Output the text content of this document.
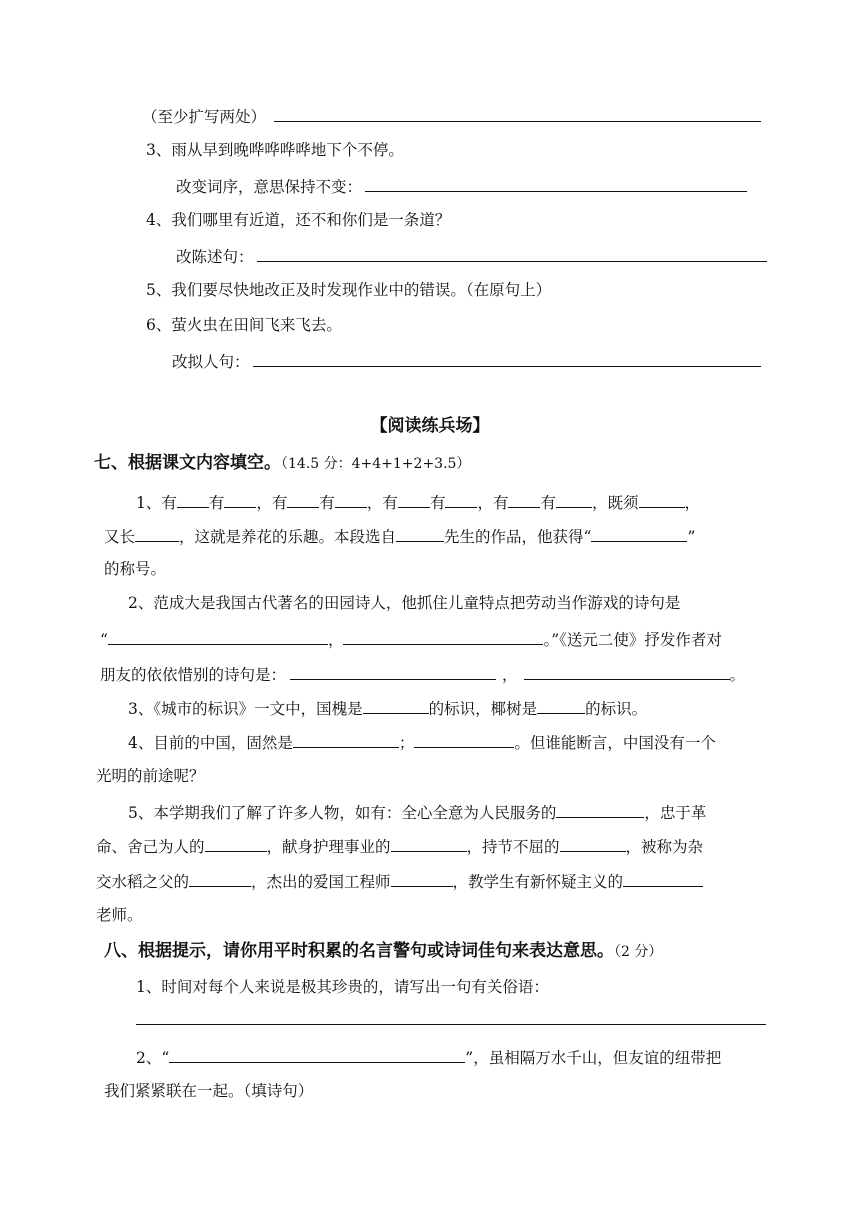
（至少扩写两处）
3、雨从早到晚哗哗哗哗地下个不停。
改变词序，意思保持不变：
4、我们哪里有近道，还不和你们是一条道？
改陈述句：
5、我们要尽快地改正及时发现作业中的错误。（在原句上）
6、萤火虫在田间飞来飞去。
改拟人句：
【阅读练兵场】
七、根据课文内容填空。（14.5 分：4+4+1+2+3.5）
1、有 有 ，有 有 ，有 有 ，有 有 ，既须	，
又长	，这就是养花的乐趣。本段选自	先生的作品，他获得“	”
的称号。
2、范成大是我国古代著名的田园诗人，他抓住儿童特点把劳动当作游戏的诗句是
“	，	。”《送元二使》抒发作者对
朋友的依依惜别的诗句是：	，	。
3、《城市的标识》一文中，国槐是	的标识，椰树是	的标识。
4、目前的中国，固然是	；	。但谁能断言，中国没有一个
光明的前途呢？
5、本学期我们了解了许多人物，如有：全心全意为人民服务的	，忠于革
命、舍己为人的	，献身护理事业的	，持节不屈的	，被称为杂
交水稻之父的	，杰出的爱国工程师	，教学生有新怀疑主义的
老师。
八、根据提示，请你用平时积累的名言警句或诗词佳句来表达意思。（2 分）
1、时间对每个人来说是极其珍贵的，请写出一句有关俗语：
2、“	”，虽相隔万水千山，但友谊的纽带把
我们紧紧联在一起。（填诗句）
